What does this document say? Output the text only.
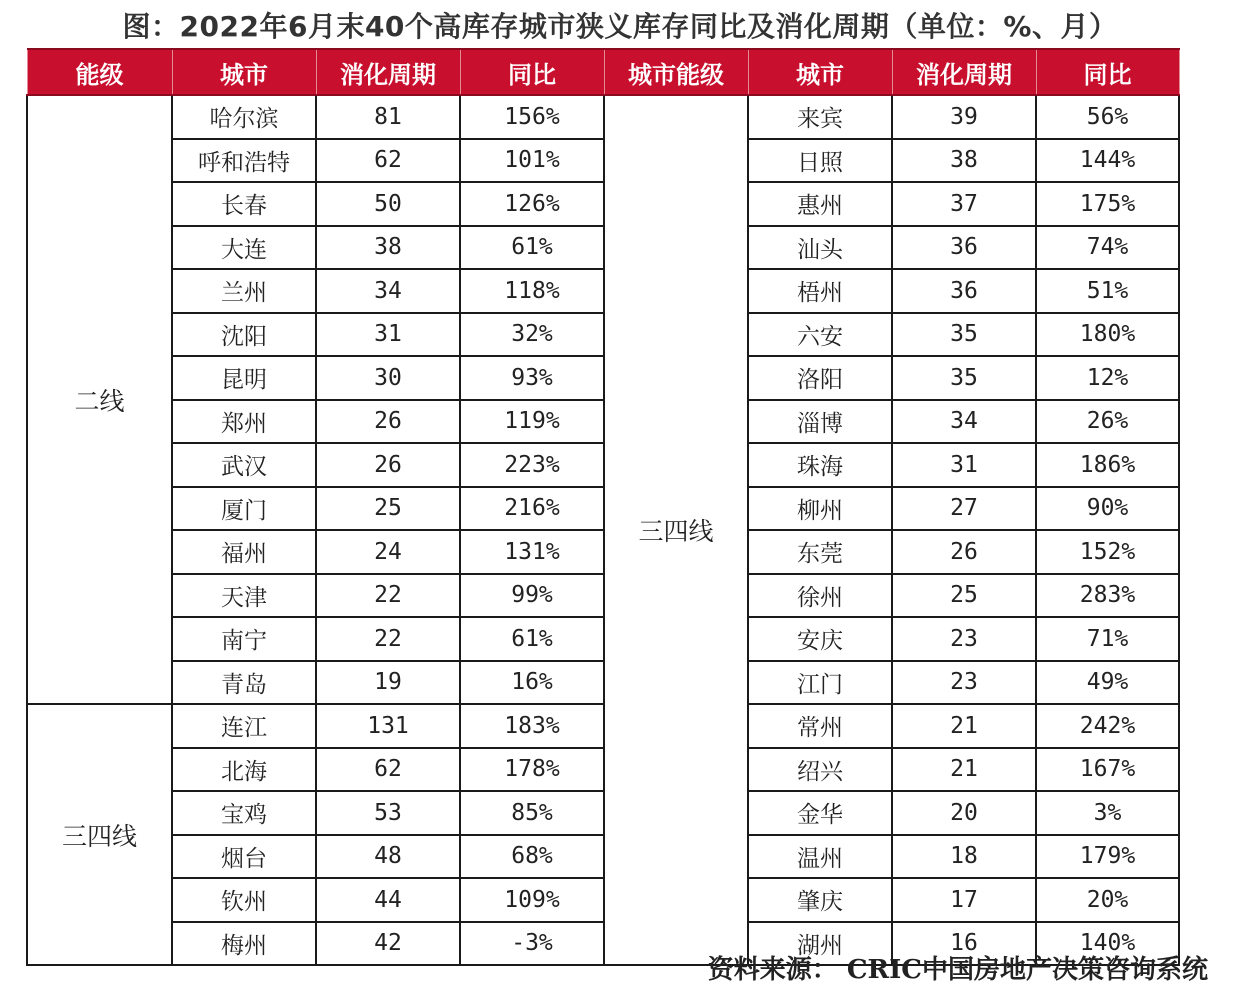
图：2022年6月末40个高库存城市狭义库存同比及消化周期（单位：%、月）
能级	城市	消化周期	同比	城市能级	城市	消化周期	同比
二线	哈尔滨	81	156%	三四线	来宾	39	56%
	呼和浩特	62	101%		日照	38	144%
	长春	50	126%		惠州	37	175%
	大连	38	61%		汕头	36	74%
	兰州	34	118%		梧州	36	51%
	沈阳	31	32%		六安	35	180%
	昆明	30	93%		洛阳	35	12%
	郑州	26	119%		淄博	34	26%
	武汉	26	223%		珠海	31	186%
	厦门	25	216%		柳州	27	90%
	福州	24	131%		东莞	26	152%
	天津	22	99%		徐州	25	283%
	南宁	22	61%		安庆	23	71%
	青岛	19	16%		江门	23	49%
三四线	连江	131	183%		常州	21	242%
	北海	62	178%		绍兴	21	167%
	宝鸡	53	85%		金华	20	3%
	烟台	48	68%		温州	18	179%
	钦州	44	109%		肇庆	17	20%
	梅州	42	-3%		湖州	16	140%
资料来源： CRIC中国房地产决策咨询系统
